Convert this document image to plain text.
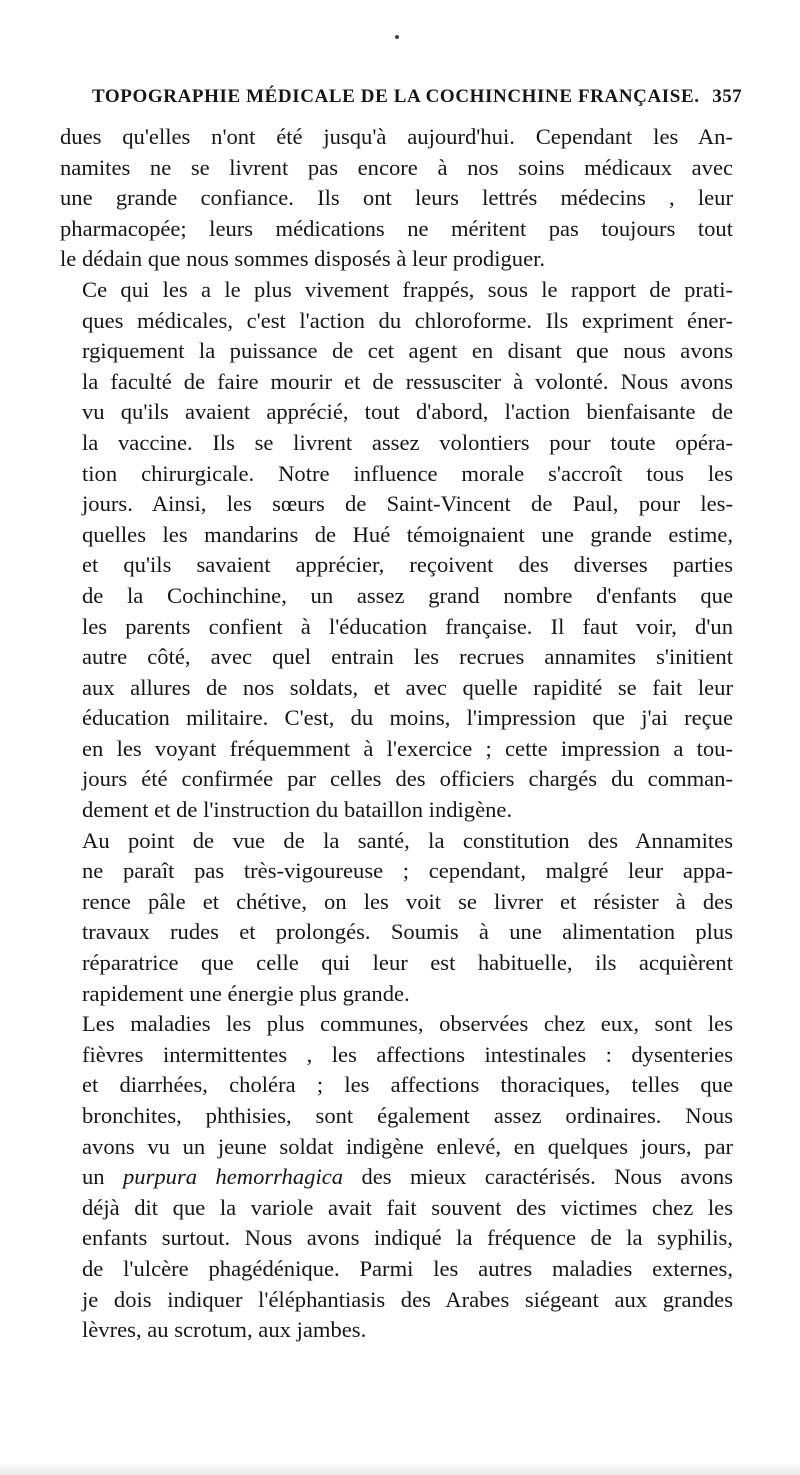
TOPOGRAPHIE MÉDICALE DE LA COCHINCHINE FRANÇAISE. 357

dues qu'elles n'ont été jusqu'à aujourd'hui. Cependant les An-
namites ne se livrent pas encore à nos soins médicaux avec
une grande confiance. Ils ont leurs lettrés médecins , leur
pharmacopée; leurs médications ne méritent pas toujours tout
le dédain que nous sommes disposés à leur prodiguer.

Ce qui les a le plus vivement frappés, sous le rapport de prati-
ques médicales, c'est l'action du chloroforme. Ils expriment éner-
rgiquement la puissance de cet agent en disant que nous avons
la faculté de faire mourir et de ressusciter à volonté. Nous avons
vu qu'ils avaient apprécié, tout d'abord, l'action bienfaisante de
la vaccine. Ils se livrent assez volontiers pour toute opéra-
tion chirurgicale. Notre influence morale s'accroît tous les
jours. Ainsi, les sœurs de Saint-Vincent de Paul, pour les-
quelles les mandarins de Hué témoignaient une grande estime,
et qu'ils savaient apprécier, reçoivent des diverses parties
de la Cochinchine, un assez grand nombre d'enfants que
les parents confient à l'éducation française. Il faut voir, d'un
autre côté, avec quel entrain les recrues annamites s'initient
aux allures de nos soldats, et avec quelle rapidité se fait leur
éducation militaire. C'est, du moins, l'impression que j'ai reçue
en les voyant fréquemment à l'exercice ; cette impression a tou-
jours été confirmée par celles des officiers chargés du comman-
dement et de l'instruction du bataillon indigène.

Au point de vue de la santé, la constitution des Annamites
ne paraît pas très-vigoureuse ; cependant, malgré leur appa-
rence pâle et chétive, on les voit se livrer et résister à des
travaux rudes et prolongés. Soumis à une alimentation plus
réparatrice que celle qui leur est habituelle, ils acquièrent
rapidement une énergie plus grande.

Les maladies les plus communes, observées chez eux, sont les
fièvres intermittentes , les affections intestinales : dysenteries
et diarrhées, choléra ; les affections thoraciques, telles que
bronchites, phthisies, sont également assez ordinaires. Nous
avons vu un jeune soldat indigène enlevé, en quelques jours, par
un purpura hemorrhagica des mieux caractérisés. Nous avons
déjà dit que la variole avait fait souvent des victimes chez les
enfants surtout. Nous avons indiqué la fréquence de la syphilis,
de l'ulcère phagédénique. Parmi les autres maladies externes,
je dois indiquer l'éléphantiasis des Arabes siégeant aux grandes
lèvres, au scrotum, aux jambes.
